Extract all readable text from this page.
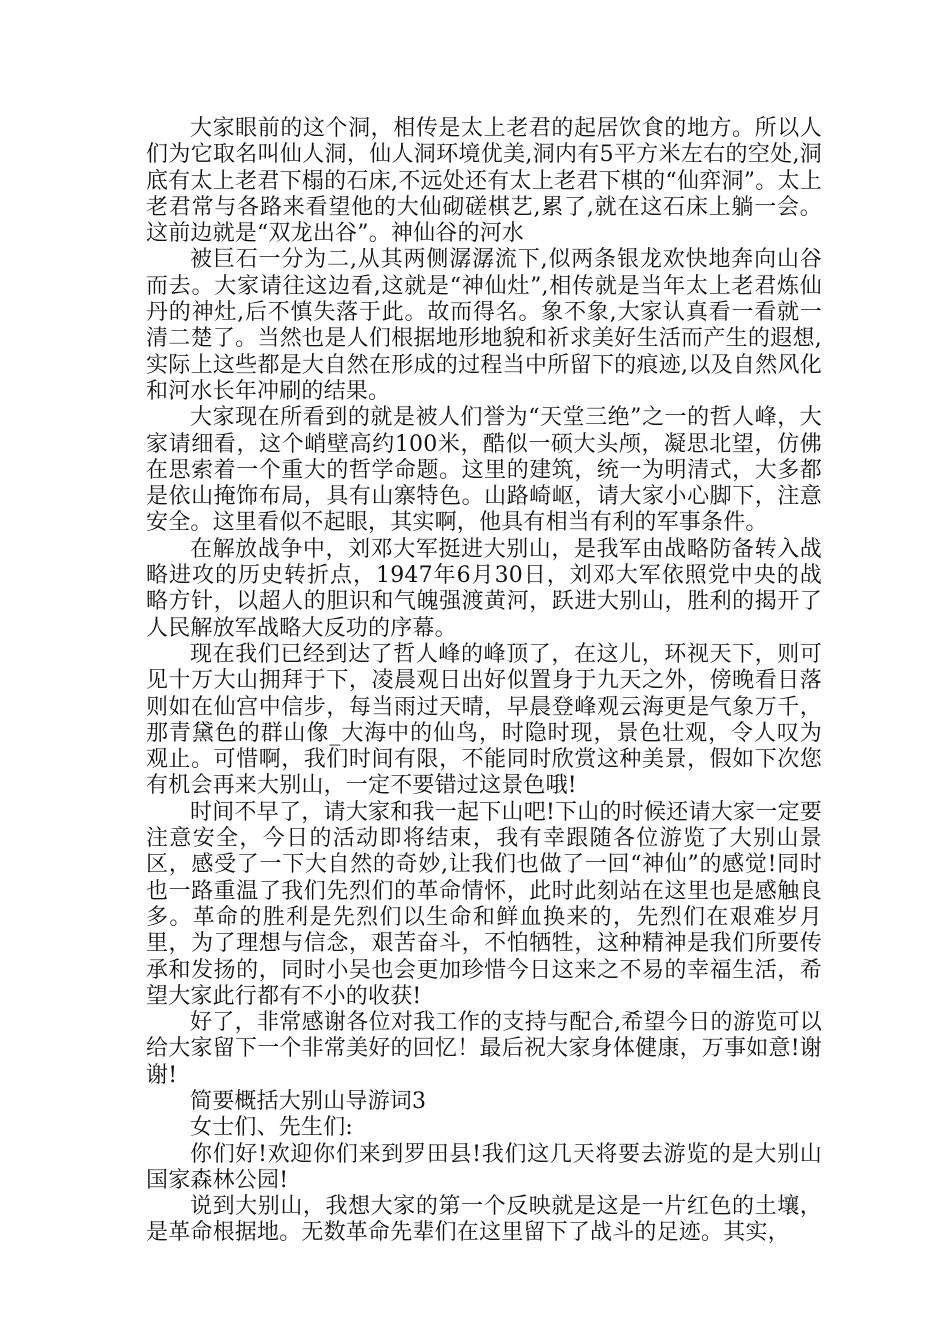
大家眼前的这个洞，相传是太上老君的起居饮食的地方。所以人们为它取名叫仙人洞，仙人洞环境优美,洞内有5平方米左右的空处,洞底有太上老君下榻的石床,不远处还有太上老君下棋的“仙弈洞”。太上老君常与各路来看望他的大仙砌磋棋艺,累了,就在这石床上躺一会。这前边就是“双龙出谷”。神仙谷的河水

被巨石一分为二,从其两侧潺潺流下,似两条银龙欢快地奔向山谷而去。大家请往这边看,这就是“神仙灶”,相传就是当年太上老君炼仙丹的神灶,后不慎失落于此。故而得名。象不象,大家认真看一看就一清二楚了。当然也是人们根据地形地貌和祈求美好生活而产生的遐想,实际上这些都是大自然在形成的过程当中所留下的痕迹,以及自然风化和河水长年冲刷的结果。

大家现在所看到的就是被人们誉为“天堂三绝”之一的哲人峰，大家请细看，这个峭壁高约100米，酷似一硕大头颅，凝思北望，仿佛在思索着一个重大的哲学命题。这里的建筑，统一为明清式，大多都是依山掩饰布局，具有山寨特色。山路崎岖，请大家小心脚下，注意安全。这里看似不起眼，其实啊，他具有相当有利的军事条件。

在解放战争中，刘邓大军挺进大别山，是我军由战略防备转入战略进攻的历史转折点，1947年6月30日，刘邓大军依照党中央的战略方针，以超人的胆识和气魄强渡黄河，跃进大别山，胜利的揭开了人民解放军战略大反功的序幕。

现在我们已经到达了哲人峰的峰顶了，在这儿，环视天下，则可见十万大山拥拜于下，凌晨观日出好似置身于九天之外，傍晚看日落则如在仙宫中信步，每当雨过天晴，早晨登峰观云海更是气象万千，那青黛色的群山像_大海中的仙鸟，时隐时现，景色壮观，令人叹为观止。可惜啊，我们时间有限，不能同时欣赏这种美景，假如下次您有机会再来大别山，一定不要错过这景色哦!

时间不早了，请大家和我一起下山吧!下山的时候还请大家一定要注意安全，今日的活动即将结束，我有幸跟随各位游览了大别山景区，感受了一下大自然的奇妙,让我们也做了一回“神仙”的感觉!同时也一路重温了我们先烈们的革命情怀，此时此刻站在这里也是感触良多。革命的胜利是先烈们以生命和鲜血换来的，先烈们在艰难岁月里，为了理想与信念，艰苦奋斗，不怕牺牲，这种精神是我们所要传承和发扬的，同时小吴也会更加珍惜今日这来之不易的幸福生活，希望大家此行都有不小的收获!

好了，非常感谢各位对我工作的支持与配合,希望今日的游览可以给大家留下一个非常美好的回忆！最后祝大家身体健康，万事如意!谢谢!

简要概括大别山导游词3

女士们、先生们:

你们好!欢迎你们来到罗田县!我们这几天将要去游览的是大别山国家森林公园!

说到大别山，我想大家的第一个反映就是这是一片红色的土壤，是革命根据地。无数革命先辈们在这里留下了战斗的足迹。其实，
